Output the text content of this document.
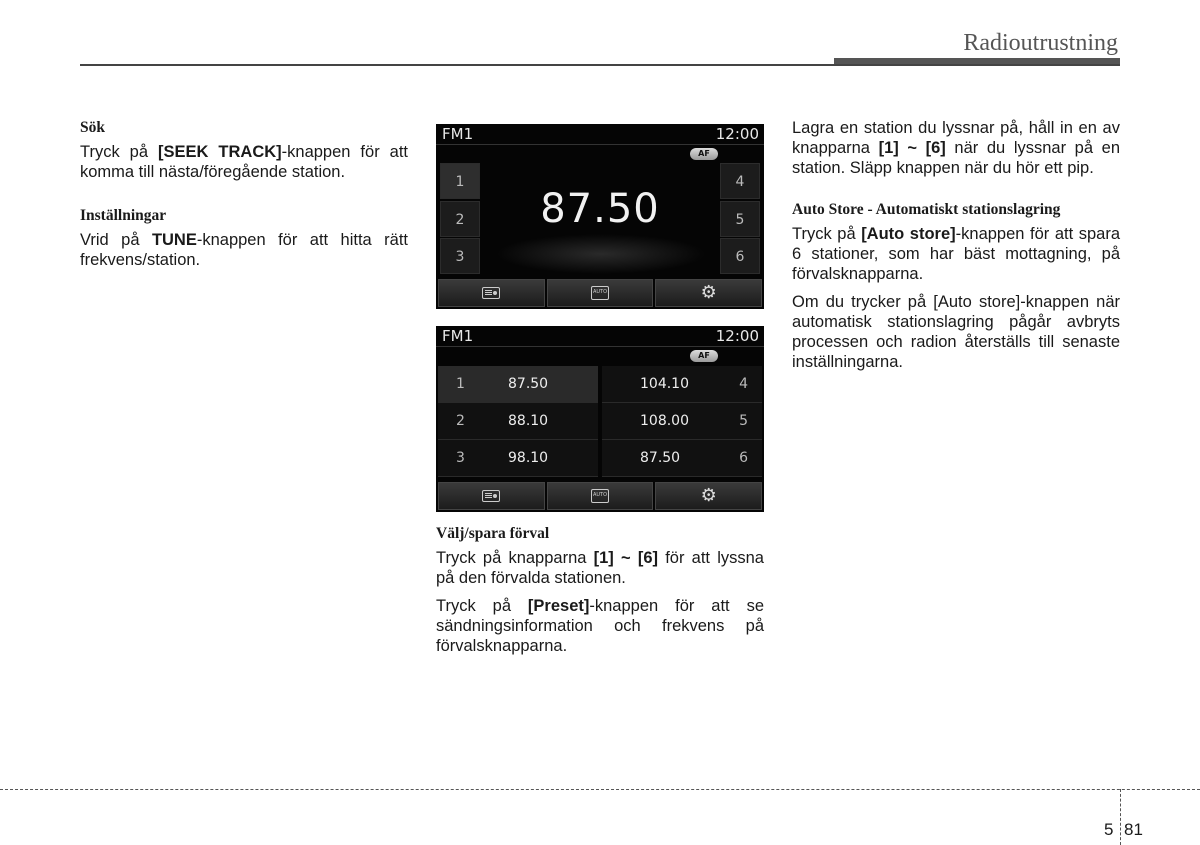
Radioutrustning
Sök

Tryck på [SEEK TRACK]-knappen för att komma till nästa/föregående station.

Inställningar

Vrid på TUNE-knappen för att hitta rätt frekvens/station.

FM1	12:00
AF
1
2
3
4
5
6
87.50
AUTO	⚙
FM1	12:00
AF
1	87.50
2	88.10
3	98.10
104.10	4
108.00	5
87.50	6
AUTO	⚙
Välj/spara förval

Tryck på knapparna [1] ~ [6] för att lyssna på den förvalda stationen.

Tryck på [Preset]-knappen för att se sändningsinformation och frekvens på förvalsknapparna.

Lagra en station du lyssnar på, håll in en av knapparna [1] ~ [6] när du lyssnar på en station. Släpp knappen när du hör ett pip.

Auto Store - Automatiskt stationslagring

Tryck på [Auto store]-knappen för att spara 6 stationer, som har bäst mottagning, på förvalsknapparna.

Om du trycker på [Auto store]-knappen när automatisk stationslagring pågår avbryts processen och radion återställs till senaste inställningarna.

5 81
